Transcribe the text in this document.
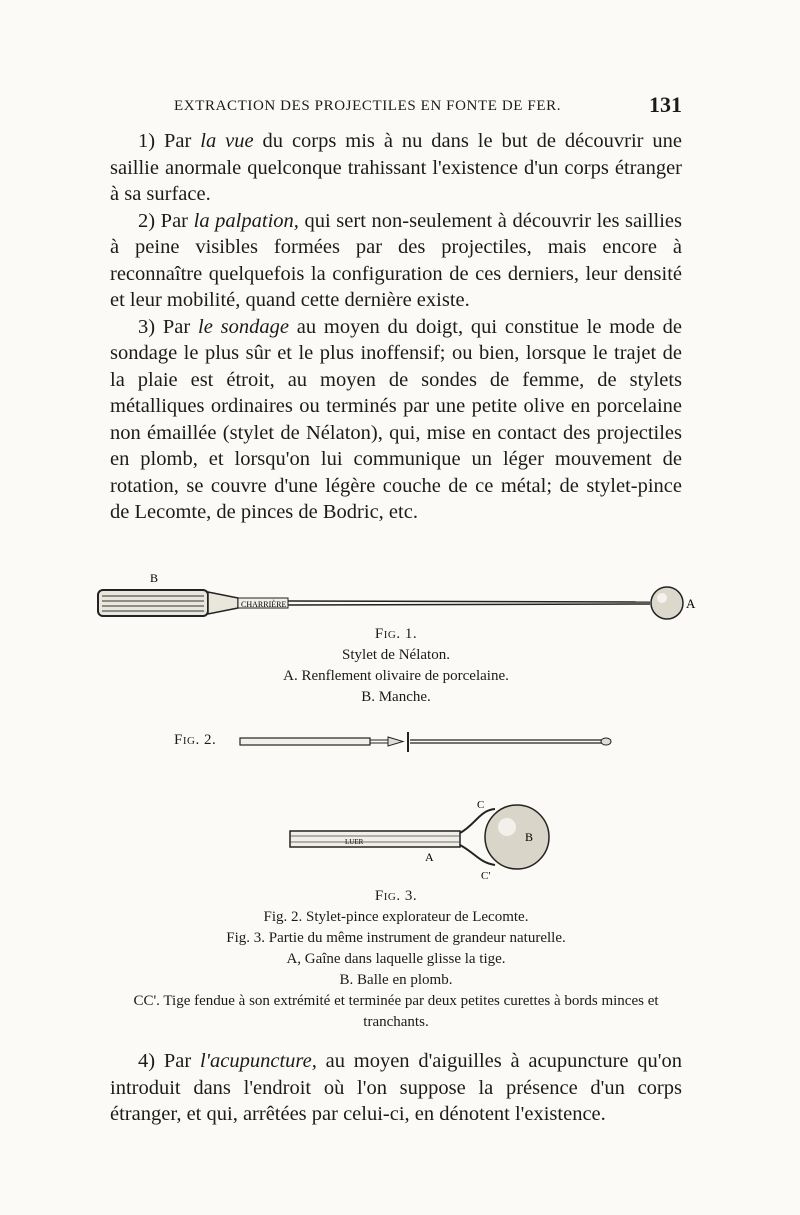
EXTRACTION DES PROJECTILES EN FONTE DE FER.	131

1) Par la vue du corps mis à nu dans le but de découvrir une saillie anormale quelconque trahissant l'existence d'un corps étranger à sa surface.

2) Par la palpation, qui sert non-seulement à découvrir les saillies à peine visibles formées par des projectiles, mais encore à reconnaître quelquefois la configuration de ces derniers, leur densité et leur mobilité, quand cette dernière existe.

3) Par le sondage au moyen du doigt, qui constitue le mode de sondage le plus sûr et le plus inoffensif; ou bien, lorsque le trajet de la plaie est étroit, au moyen de sondes de femme, de stylets métalliques ordinaires ou terminés par une petite olive en porcelaine non émaillée (stylet de Nélaton), qui, mise en contact des projectiles en plomb, et lorsqu'on lui communique un léger mouvement de rotation, se couvre d'une légère couche de ce métal; de stylet-pince de Lecomte, de pinces de Bodric, etc.

B
CHARRIÈRE	A
Fig. 1.
Stylet de Nélaton.
A. Renflement olivaire de porcelaine.
B. Manche.
Fig. 2.
C
LUER	B
A
C'
Fig. 3.

Fig. 2. Stylet-pince explorateur de Lecomte.

Fig. 3. Partie du même instrument de grandeur naturelle.

A, Gaîne dans laquelle glisse la tige.

B. Balle en plomb.

CC'. Tige fendue à son extrémité et terminée par deux petites curettes à bords minces et tranchants.

4) Par l'acupuncture, au moyen d'aiguilles à acupuncture qu'on introduit dans l'endroit où l'on suppose la présence d'un corps étranger, et qui, arrêtées par celui-ci, en dénotent l'existence.
